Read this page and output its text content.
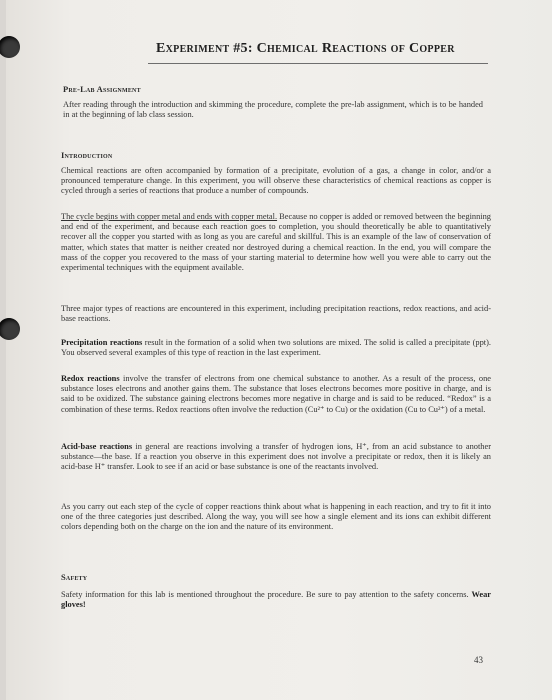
Experiment #5: Chemical Reactions of Copper
Pre-Lab Assignment
After reading through the introduction and skimming the procedure, complete the pre-lab assignment, which is to be handed in at the beginning of lab class session.
Introduction
Chemical reactions are often accompanied by formation of a precipitate, evolution of a gas, a change in color, and/or a pronounced temperature change. In this experiment, you will observe these characteristics of chemical reactions as copper is cycled through a series of reactions that produce a number of compounds.
The cycle begins with copper metal and ends with copper metal. Because no copper is added or removed between the beginning and end of the experiment, and because each reaction goes to completion, you should theoretically be able to quantitatively recover all the copper you started with as long as you are careful and skillful. This is an example of the law of conservation of matter, which states that matter is neither created nor destroyed during a chemical reaction. In the end, you will compare the mass of the copper you recovered to the mass of your starting material to determine how well you were able to carry out the experimental techniques with the equipment available.
Three major types of reactions are encountered in this experiment, including precipitation reactions, redox reactions, and acid-base reactions.
Precipitation reactions result in the formation of a solid when two solutions are mixed. The solid is called a precipitate (ppt). You observed several examples of this type of reaction in the last experiment.
Redox reactions involve the transfer of electrons from one chemical substance to another. As a result of the process, one substance loses electrons and another gains them. The substance that loses electrons becomes more positive in charge, and is said to be oxidized. The substance gaining electrons becomes more negative in charge and is said to be reduced. “Redox” is a combination of these terms. Redox reactions often involve the reduction (Cu²⁺ to Cu) or the oxidation (Cu to Cu²⁺) of a metal.
Acid-base reactions in general are reactions involving a transfer of hydrogen ions, H⁺, from an acid substance to another substance—the base. If a reaction you observe in this experiment does not involve a precipitate or redox, then it is likely an acid-base H⁺ transfer. Look to see if an acid or base substance is one of the reactants involved.
As you carry out each step of the cycle of copper reactions think about what is happening in each reaction, and try to fit it into one of the three categories just described. Along the way, you will see how a single element and its ions can exhibit different colors depending both on the charge on the ion and the nature of its environment.
Safety
Safety information for this lab is mentioned throughout the procedure. Be sure to pay attention to the safety concerns. Wear gloves!
43
